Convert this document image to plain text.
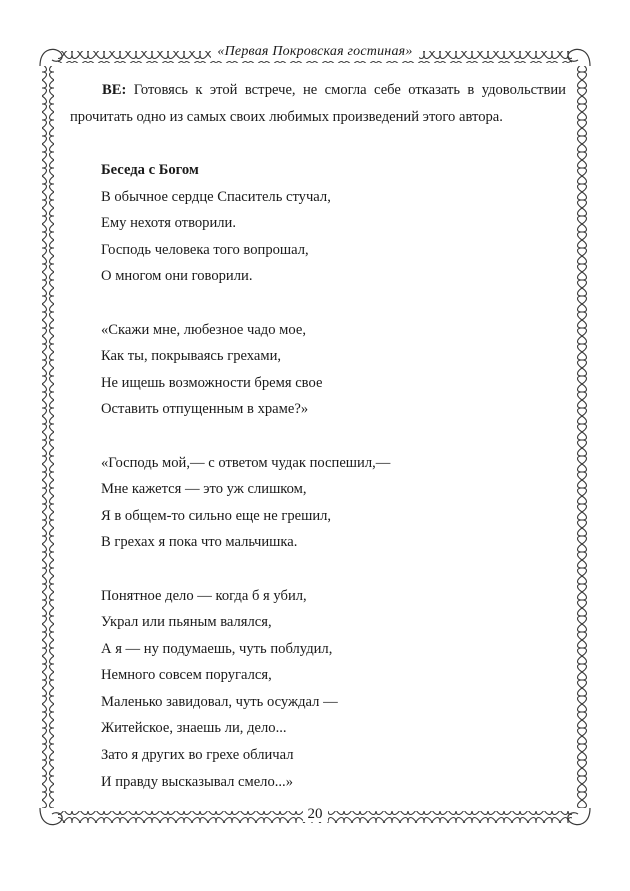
«Первая Покровская гостиная»

ВЕ: Готовясь к этой встрече, не смогла себе отказать в удовольствии прочитать одно из самых своих любимых произведений этого автора.

Беседа с Богом
В обычное сердце Спаситель стучал,
Ему нехотя отворили.
Господь человека того вопрошал,
О многом они говорили.
«Скажи мне, любезное чадо мое,
Как ты, покрываясь грехами,
Не ищешь возможности бремя свое
Оставить отпущенным в храме?»
«Господь мой,— с ответом чудак поспешил,—
Мне кажется — это уж слишком,
Я в общем-то сильно еще не грешил,
В грехах я пока что мальчишка.
Понятное дело — когда б я убил,
Украл или пьяным валялся,
А я — ну подумаешь, чуть поблудил,
Немного совсем поругался,
Маленько завидовал, чуть осуждал —
Житейское, знаешь ли, дело...
Зато я других во грехе обличал
И правду высказывал смело...»
20
